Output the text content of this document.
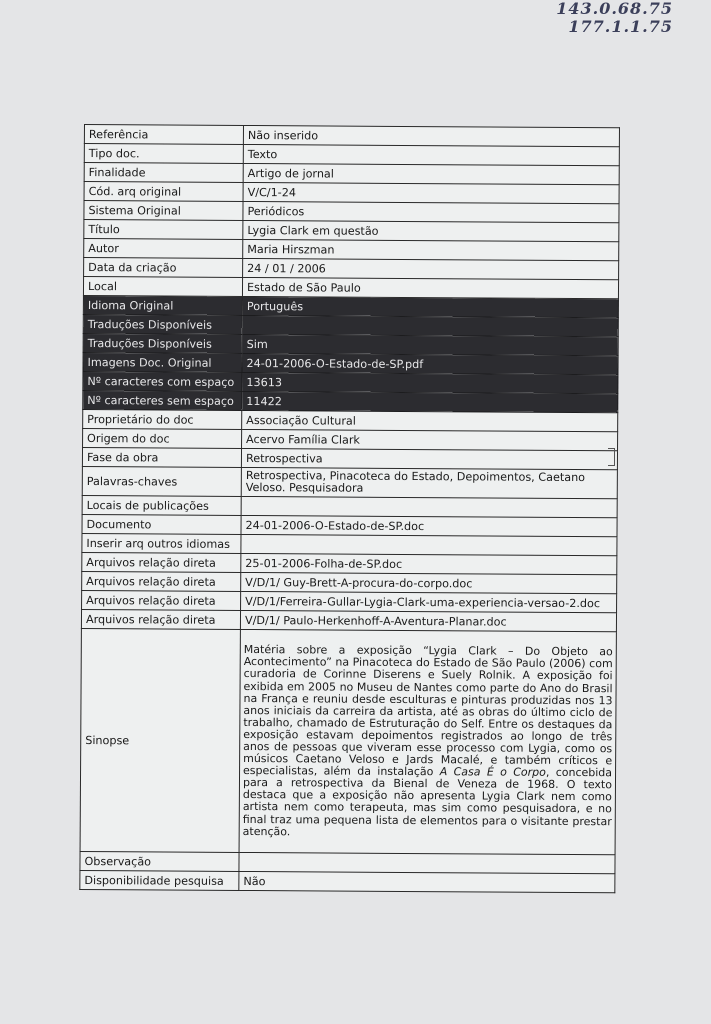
143.0.68.75
177.1.1.75
Referência	Não inserido
Tipo doc.	Texto
Finalidade	Artigo de jornal
Cód. arq original	V/C/1-24
Sistema Original	Periódicos
Título	Lygia Clark em questão
Autor	Maria Hirszman
Data da criação	24 / 01 / 2006
Local	Estado de São Paulo
Idioma Original	Português
Traduções Disponíveis	
Traduções Disponíveis	Sim
Imagens Doc. Original	24-01-2006-O-Estado-de-SP.pdf
Nº caracteres com espaço	13613
Nº caracteres sem espaço	11422
Proprietário do doc	Associação Cultural
Origem do doc	Acervo Família Clark
Fase da obra	Retrospectiva
Palavras-chaves	Retrospectiva, Pinacoteca do Estado, Depoimentos, Caetano Veloso. Pesquisadora
Locais de publicações	
Documento	24-01-2006-O-Estado-de-SP.doc
Inserir arq outros idiomas	
Arquivos relação direta	25-01-2006-Folha-de-SP.doc
Arquivos relação direta	V/D/1/ Guy-Brett-A-procura-do-corpo.doc
Arquivos relação direta	V/D/1/Ferreira-Gullar-Lygia-Clark-uma-experiencia-versao-2.doc
Arquivos relação direta	V/D/1/ Paulo-Herkenhoff-A-Aventura-Planar.doc
Sinopse	Matéria sobre a exposição “Lygia Clark – Do Objeto ao Acontecimento” na Pinacoteca do Estado de São Paulo (2006) com curadoria de Corinne Diserens e Suely Rolnik. A exposição foi exibida em 2005 no Museu de Nantes como parte do Ano do Brasil na França e reuniu desde esculturas e pinturas produzidas nos 13 anos iniciais da carreira da artista, até as obras do último ciclo de trabalho, chamado de Estruturação do Self. Entre os destaques da exposição estavam depoimentos registrados ao longo de três anos de pessoas que viveram esse processo com Lygia, como os músicos Caetano Veloso e Jards Macalé, e também críticos e especialistas, além da instalação A Casa É o Corpo, concebida para a retrospectiva da Bienal de Veneza de 1968. O texto destaca que a exposição não apresenta Lygia Clark nem como artista nem como terapeuta, mas sim como pesquisadora, e no final traz uma pequena lista de elementos para o visitante prestar atenção.
Observação	
Disponibilidade pesquisa	Não
